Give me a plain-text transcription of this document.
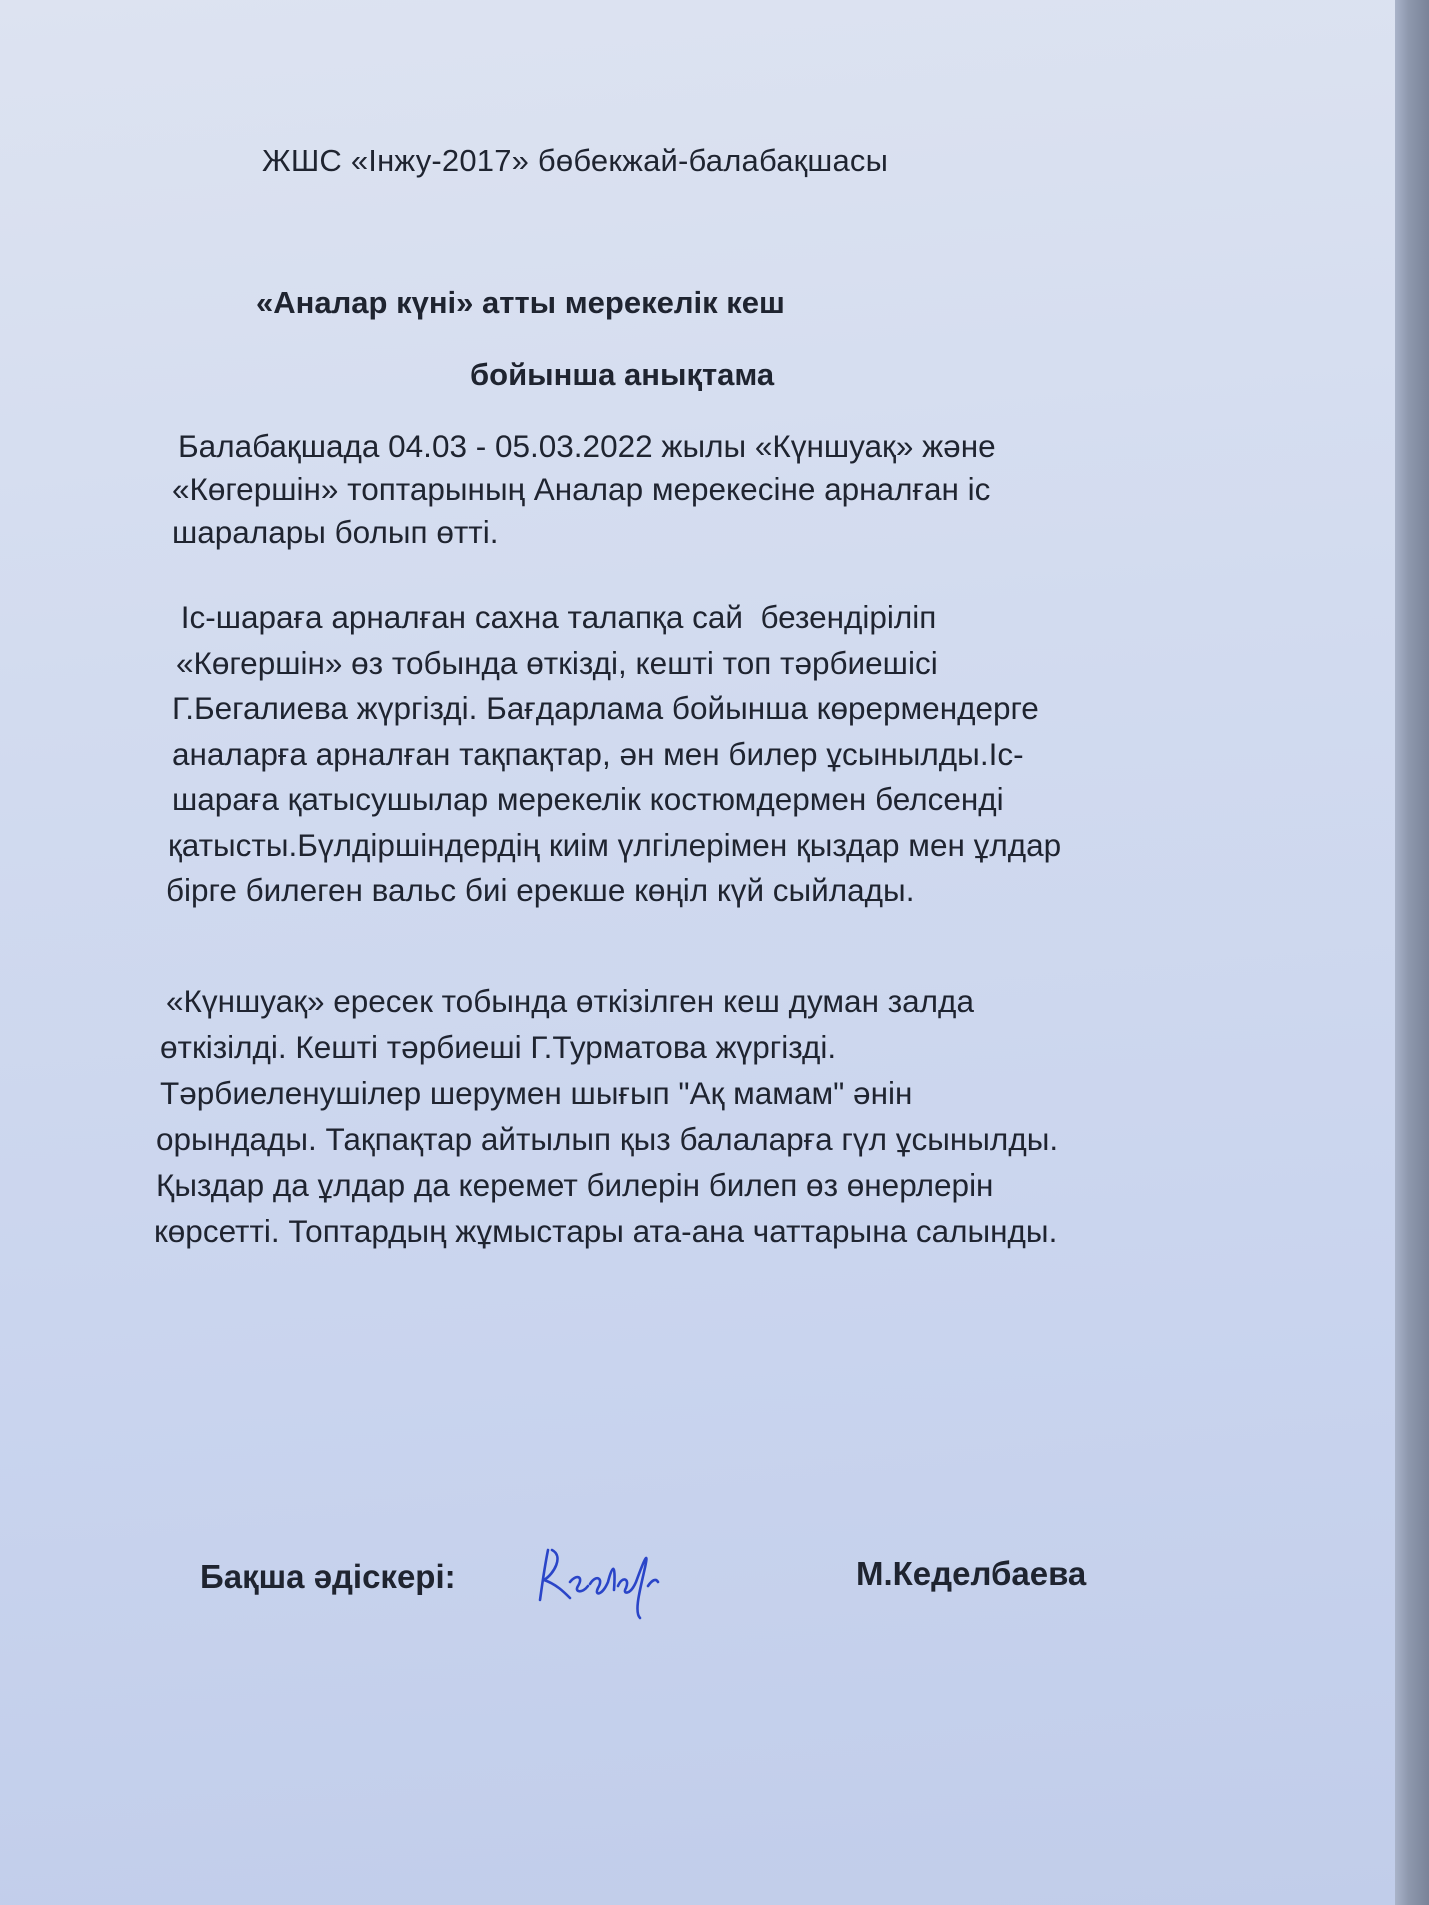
ЖШС «Інжу-2017» бөбекжай-балабақшасы
«Аналар күні» атты мерекелік кеш
бойынша анықтама
Балабақшада 04.03 - 05.03.2022 жылы «Күншуақ» және
«Көгершін» топтарының Аналар мерекесіне арналған іс
шаралары болып өтті.
Іс-шараға арналған сахна талапқа сай  безендіріліп
«Көгершін» өз тобында өткізді, кешті топ тәрбиешісі
Г.Бегалиева жүргізді. Бағдарлама бойынша көрермендерге
аналарға арналған тақпақтар, ән мен билер ұсынылды.Іс-
шараға қатысушылар мерекелік костюмдермен белсенді
қатысты.Бүлдіршіндердің киім үлгілерімен қыздар мен ұлдар
бірге билеген вальс биі ерекше көңіл күй сыйлады.
«Күншуақ» ересек тобында өткізілген кеш думан залда
өткізілді. Кешті тәрбиеші Г.Турматова жүргізді.
Тәрбиеленушілер шерумен шығып "Ақ мамам" әнін
орындады. Тақпақтар айтылып қыз балаларға гүл ұсынылды.
Қыздар да ұлдар да керемет билерін билеп өз өнерлерін
көрсетті. Топтардың жұмыстары ата-ана чаттарына салынды.
Бақша әдіскері:	М.Кеделбаева
